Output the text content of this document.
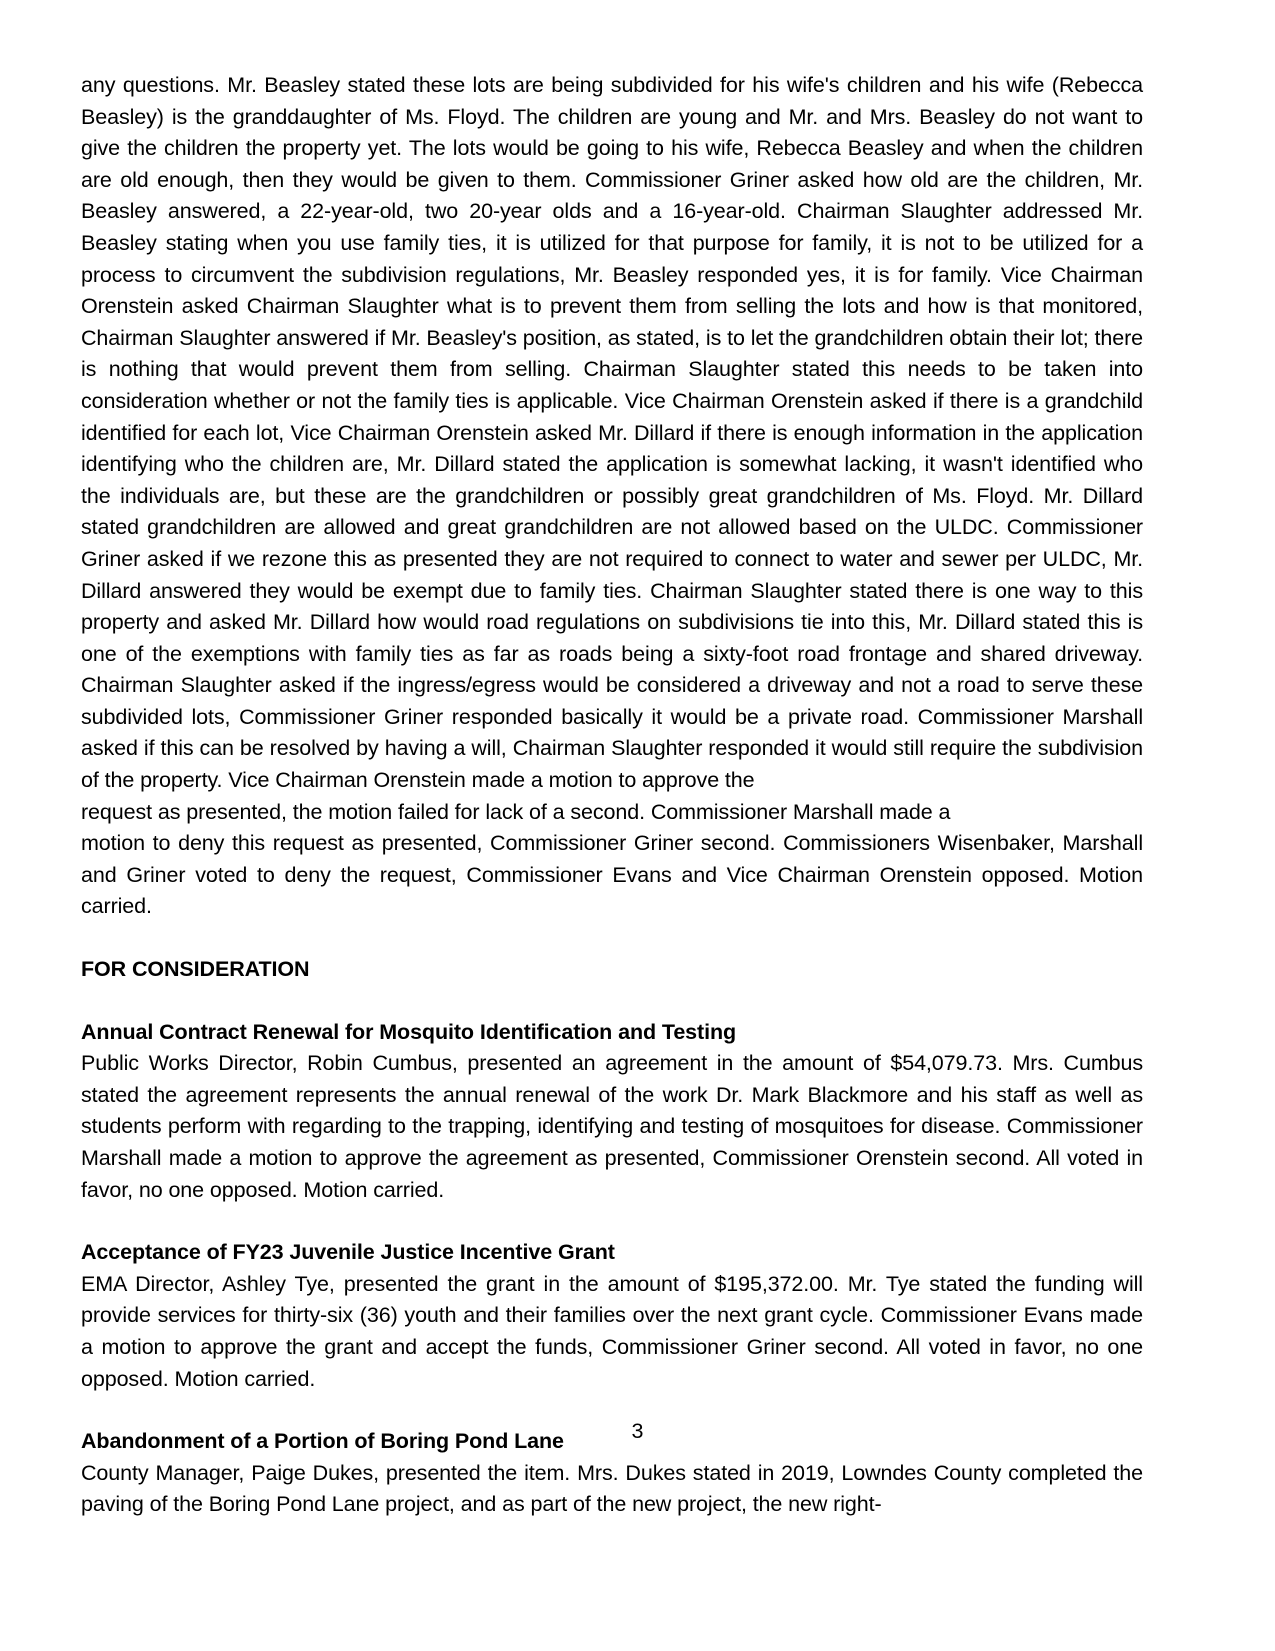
any questions. Mr. Beasley stated these lots are being subdivided for his wife's children and his wife (Rebecca Beasley) is the granddaughter of Ms. Floyd. The children are young and Mr. and Mrs. Beasley do not want to give the children the property yet. The lots would be going to his wife, Rebecca Beasley and when the children are old enough, then they would be given to them. Commissioner Griner asked how old are the children, Mr. Beasley answered, a 22-year-old, two 20-year olds and a 16-year-old. Chairman Slaughter addressed Mr. Beasley stating when you use family ties, it is utilized for that purpose for family, it is not to be utilized for a process to circumvent the subdivision regulations, Mr. Beasley responded yes, it is for family. Vice Chairman Orenstein asked Chairman Slaughter what is to prevent them from selling the lots and how is that monitored, Chairman Slaughter answered if Mr. Beasley's position, as stated, is to let the grandchildren obtain their lot; there is nothing that would prevent them from selling. Chairman Slaughter stated this needs to be taken into consideration whether or not the family ties is applicable. Vice Chairman Orenstein asked if there is a grandchild identified for each lot, Vice Chairman Orenstein asked Mr. Dillard if there is enough information in the application identifying who the children are, Mr. Dillard stated the application is somewhat lacking, it wasn't identified who the individuals are, but these are the grandchildren or possibly great grandchildren of Ms. Floyd. Mr. Dillard stated grandchildren are allowed and great grandchildren are not allowed based on the ULDC. Commissioner Griner asked if we rezone this as presented they are not required to connect to water and sewer per ULDC, Mr. Dillard answered they would be exempt due to family ties. Chairman Slaughter stated there is one way to this property and asked Mr. Dillard how would road regulations on subdivisions tie into this, Mr. Dillard stated this is one of the exemptions with family ties as far as roads being a sixty-foot road frontage and shared driveway. Chairman Slaughter asked if the ingress/egress would be considered a driveway and not a road to serve these subdivided lots, Commissioner Griner responded basically it would be a private road. Commissioner Marshall asked if this can be resolved by having a will, Chairman Slaughter responded it would still require the subdivision of the property. Vice Chairman Orenstein made a motion to approve the

request as presented, the motion failed for lack of a second. Commissioner Marshall made a

motion to deny this request as presented, Commissioner Griner second. Commissioners Wisenbaker, Marshall and Griner voted to deny the request, Commissioner Evans and Vice Chairman Orenstein opposed. Motion carried.

FOR CONSIDERATION

Annual Contract Renewal for Mosquito Identification and Testing

Public Works Director, Robin Cumbus, presented an agreement in the amount of $54,079.73. Mrs. Cumbus stated the agreement represents the annual renewal of the work Dr. Mark Blackmore and his staff as well as students perform with regarding to the trapping, identifying and testing of mosquitoes for disease. Commissioner Marshall made a motion to approve the agreement as presented, Commissioner Orenstein second. All voted in favor, no one opposed. Motion carried.

Acceptance of FY23 Juvenile Justice Incentive Grant

EMA Director, Ashley Tye, presented the grant in the amount of $195,372.00. Mr. Tye stated the funding will provide services for thirty-six (36) youth and their families over the next grant cycle. Commissioner Evans made a motion to approve the grant and accept the funds, Commissioner Griner second. All voted in favor, no one opposed. Motion carried.

Abandonment of a Portion of Boring Pond Lane

County Manager, Paige Dukes, presented the item. Mrs. Dukes stated in 2019, Lowndes County completed the paving of the Boring Pond Lane project, and as part of the new project, the new right-

3
